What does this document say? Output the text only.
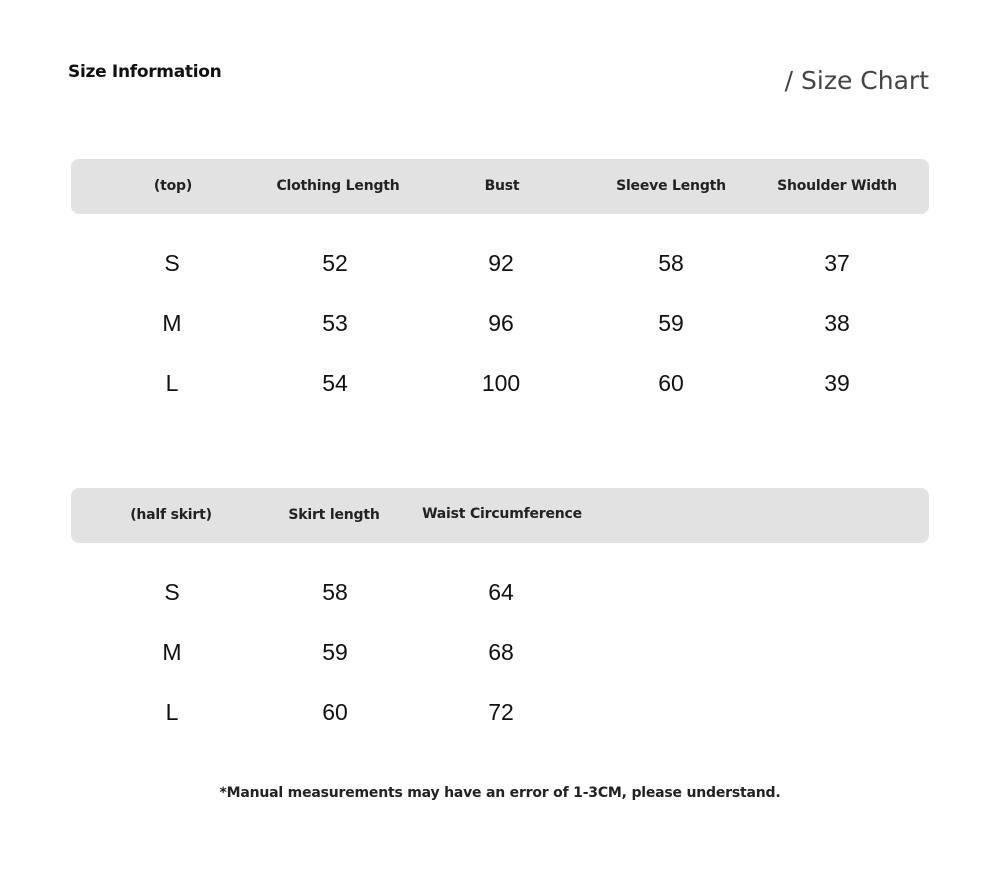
Size Information	/ Size Chart
(top)	Clothing Length	Bust	Sleeve Length	Shoulder Width
S	52	92	58	37
M	53	96	59	38
L	54	100	60	39
(half skirt)	Skirt length	Waist Circumference
S	58	64
M	59	68
L	60	72
*Manual measurements may have an error of 1-3CM, please understand.
